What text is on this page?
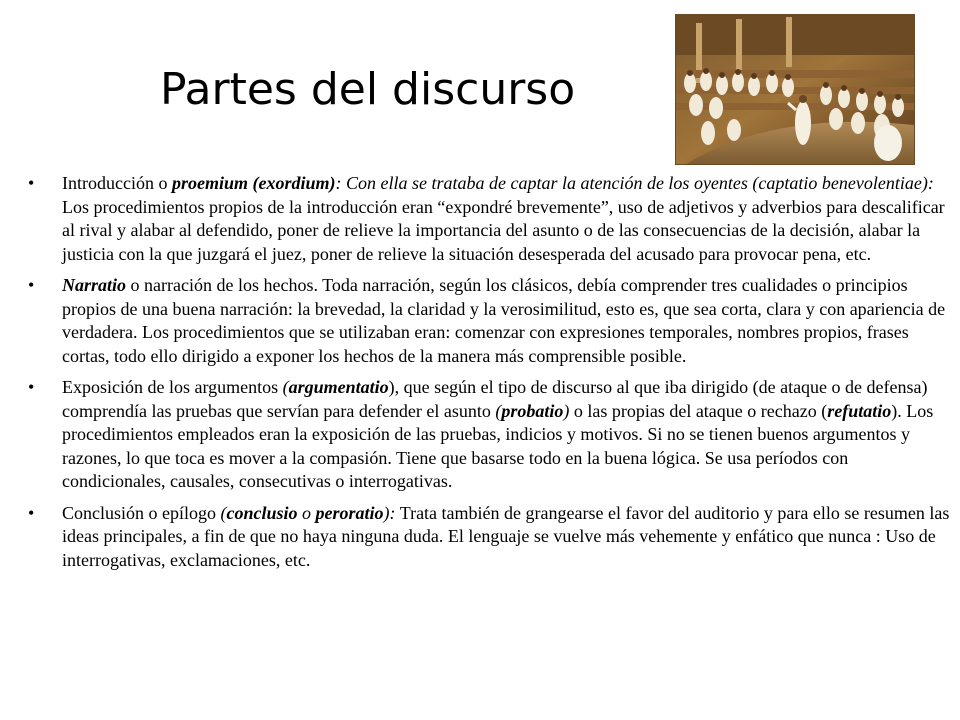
Partes del discurso
• Introducción o proemium (exordium): Con ella se trataba de captar la atención de los oyentes (captatio benevolentiae): Los procedimientos propios de la introducción eran “expondré brevemente”, uso de adjetivos y adverbios para descalificar al rival y alabar al defendido, poner de relieve la importancia del asunto o de las consecuencias de la decisión, alabar la justicia con la que juzgará el juez, poner de relieve la situación desesperada del acusado para provocar pena, etc.
• Narratio o narración de los hechos. Toda narración, según los clásicos, debía comprender tres cualidades o principios propios de una buena narración: la brevedad, la claridad y la verosimilitud, esto es, que sea corta, clara y con apariencia de verdadera. Los procedimientos que se utilizaban eran: comenzar con expresiones temporales, nombres propios, frases cortas, todo ello dirigido a exponer los hechos de la manera más comprensible posible.
• Exposición de los argumentos (argumentatio), que según el tipo de discurso al que iba dirigido (de ataque o de defensa) comprendía las pruebas que servían para defender el asunto (probatio) o las propias del ataque o rechazo (refutatio). Los procedimientos empleados eran la exposición de las pruebas, indicios y motivos. Si no se tienen buenos argumentos y razones, lo que toca es mover a la compasión. Tiene que basarse todo en la buena lógica. Se usa períodos con condicionales, causales, consecutivas o interrogativas.
• Conclusión o epílogo (conclusio o peroratio): Trata también de grangearse el favor del auditorio y para ello se resumen las ideas principales, a fin de que no haya ninguna duda. El lenguaje se vuelve más vehemente y enfático que nunca : Uso de interrogativas, exclamaciones, etc.
